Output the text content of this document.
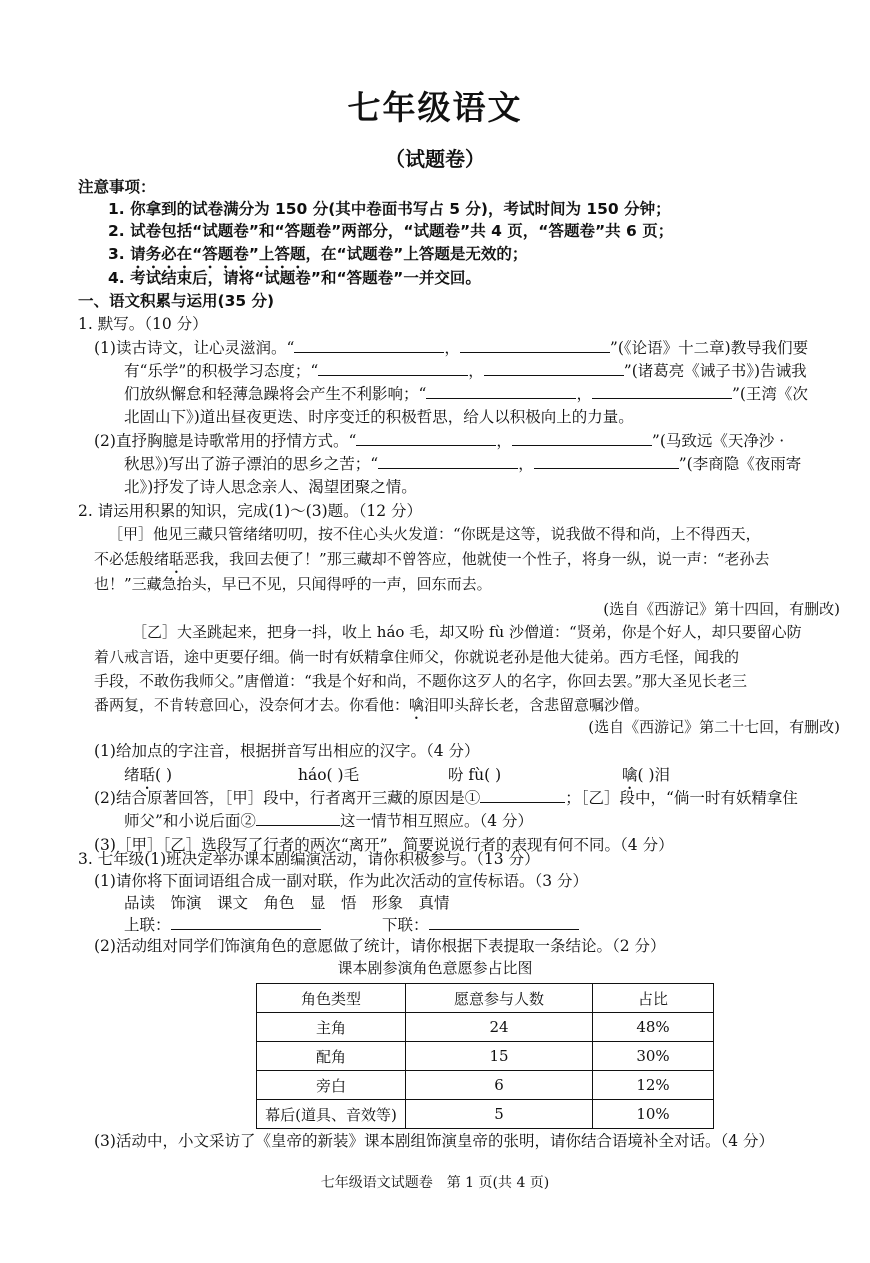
七年级语文
（试题卷）
注意事项：
1. 你拿到的试卷满分为 150 分(其中卷面书写占 5 分)，考试时间为 150 分钟；
2. 试卷包括“试题卷”和“答题卷”两部分，“试题卷”共 4 页，“答题卷”共 6 页；
3. 请务必在“答题卷”上答题，在“试题卷”上答题是无效的；
4. 考试结束后，请将“试题卷”和“答题卷”一并交回。
一、语文积累与运用(35 分)
1. 默写。（10 分）
(1)读古诗文，让心灵滋润。“	，	”(《论语》十二章)教导我们要
有“乐学”的积极学习态度；“	，	”(诸葛亮《诫子书》)告诫我
们放纵懈怠和轻薄急躁将会产生不利影响；“	，	”(王湾《次
北固山下》)道出昼夜更迭、时序变迁的积极哲思，给人以积极向上的力量。
(2)直抒胸臆是诗歌常用的抒情方式。“	，	”(马致远《天净沙 ·
秋思》)写出了游子漂泊的思乡之苦；“	，	”(李商隐《夜雨寄
北》)抒发了诗人思念亲人、渴望团聚之情。
2. 请运用积累的知识，完成(1)～(3)题。（12 分）
［甲］他见三藏只管绪绪叨叨，按不住心头火发道：“你既是这等，说我做不得和尚，上不得西天，
不必恁般绪聒恶我，我回去便了！”那三藏却不曾答应，他就使一个性子，将身一纵，说一声：“老孙去
也！”三藏急抬头，早已不见，只闻得呼的一声，回东而去。
(选自《西游记》第十四回，有删改)
［乙］大圣跳起来，把身一抖，收上 háo 毛，却又吩 fù 沙僧道：“贤弟，你是个好人，却只要留心防
着八戒言语，途中更要仔细。倘一时有妖精拿住师父，你就说老孙是他大徒弟。西方毛怪，闻我的
手段，不敢伤我师父。”唐僧道：“我是个好和尚，不题你这歹人的名字，你回去罢。”那大圣见长老三
番两复，不肯转意回心，没奈何才去。你看他：噙泪叩头辞长老，含悲留意嘱沙僧。
(选自《西游记》第二十七回，有删改)
(1)给加点的字注音，根据拼音写出相应的汉字。（4 分）
绪聒( )	háo( )毛	吩 fù( )	噙( )泪
(2)结合原著回答，［甲］段中，行者离开三藏的原因是①	；［乙］段中，“倘一时有妖精拿住
师父”和小说后面②	这一情节相互照应。（4 分）
(3)［甲］［乙］选段写了行者的两次“离开”，简要说说行者的表现有何不同。（4 分）
3. 七年级(1)班决定举办课本剧编演活动，请你积极参与。（13 分）
(1)请你将下面词语组合成一副对联，作为此次活动的宣传标语。（3 分）
品读　饰演　课文　角色　显　悟　形象　真情
上联：	下联：
(2)活动组对同学们饰演角色的意愿做了统计，请你根据下表提取一条结论。（2 分）
课本剧参演角色意愿参占比图
角色类型	愿意参与人数	占比
主角	24	48%
配角	15	30%
旁白	6	12%
幕后(道具、音效等)	5	10%
(3)活动中，小文采访了《皇帝的新装》课本剧组饰演皇帝的张明，请你结合语境补全对话。（4 分）
七年级语文试题卷　第 1 页(共 4 页)
